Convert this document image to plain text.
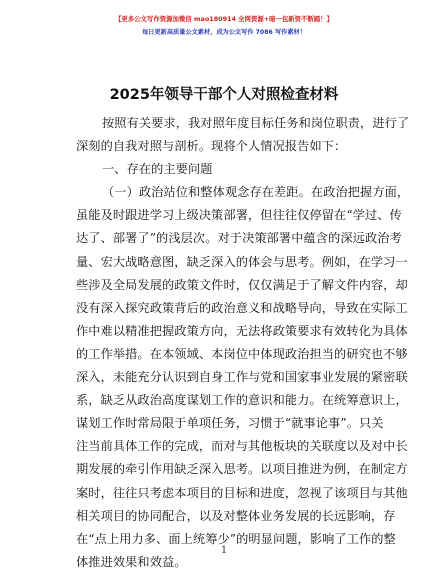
【更多公文写作资源加微信 mao180914 全网资源+暗一包新资不断踏！】
每日更新高质量公文素材，成为公文写作 7086 写作素材！
2025年领导干部个人对照检查材料
按照有关要求，我对照年度目标任务和岗位职责，进行了
深刻的自我对照与剖析。现将个人情况报告如下：
一、存在的主要问题
（一）政治站位和整体观念存在差距。在政治把握方面，
虽能及时跟进学习上级决策部署，但往往仅停留在“学过、传
达了、部署了”的浅层次。对于决策部署中蕴含的深远政治考
量、宏大战略意图，缺乏深入的体会与思考。例如，在学习一
些涉及全局发展的政策文件时，仅仅满足于了解文件内容，却
没有深入探究政策背后的政治意义和战略导向，导致在实际工
作中难以精准把握政策方向，无法将政策要求有效转化为具体
的工作举措。在本领域、本岗位中体现政治担当的研究也不够
深入，未能充分认识到自身工作与党和国家事业发展的紧密联
系，缺乏从政治高度谋划工作的意识和能力。在统筹意识上，
谋划工作时常局限于单项任务，习惯于“就事论事”。只关
注当前具体工作的完成，而对与其他板块的关联度以及对中长
期发展的牵引作用缺乏深入思考。以项目推进为例，在制定方
案时，往往只考虑本项目的目标和进度，忽视了该项目与其他
相关项目的协同配合，以及对整体业务发展的长远影响，存
在“点上用力多、面上统筹少”的明显问题，影响了工作的整
体推进效果和效益。
1
